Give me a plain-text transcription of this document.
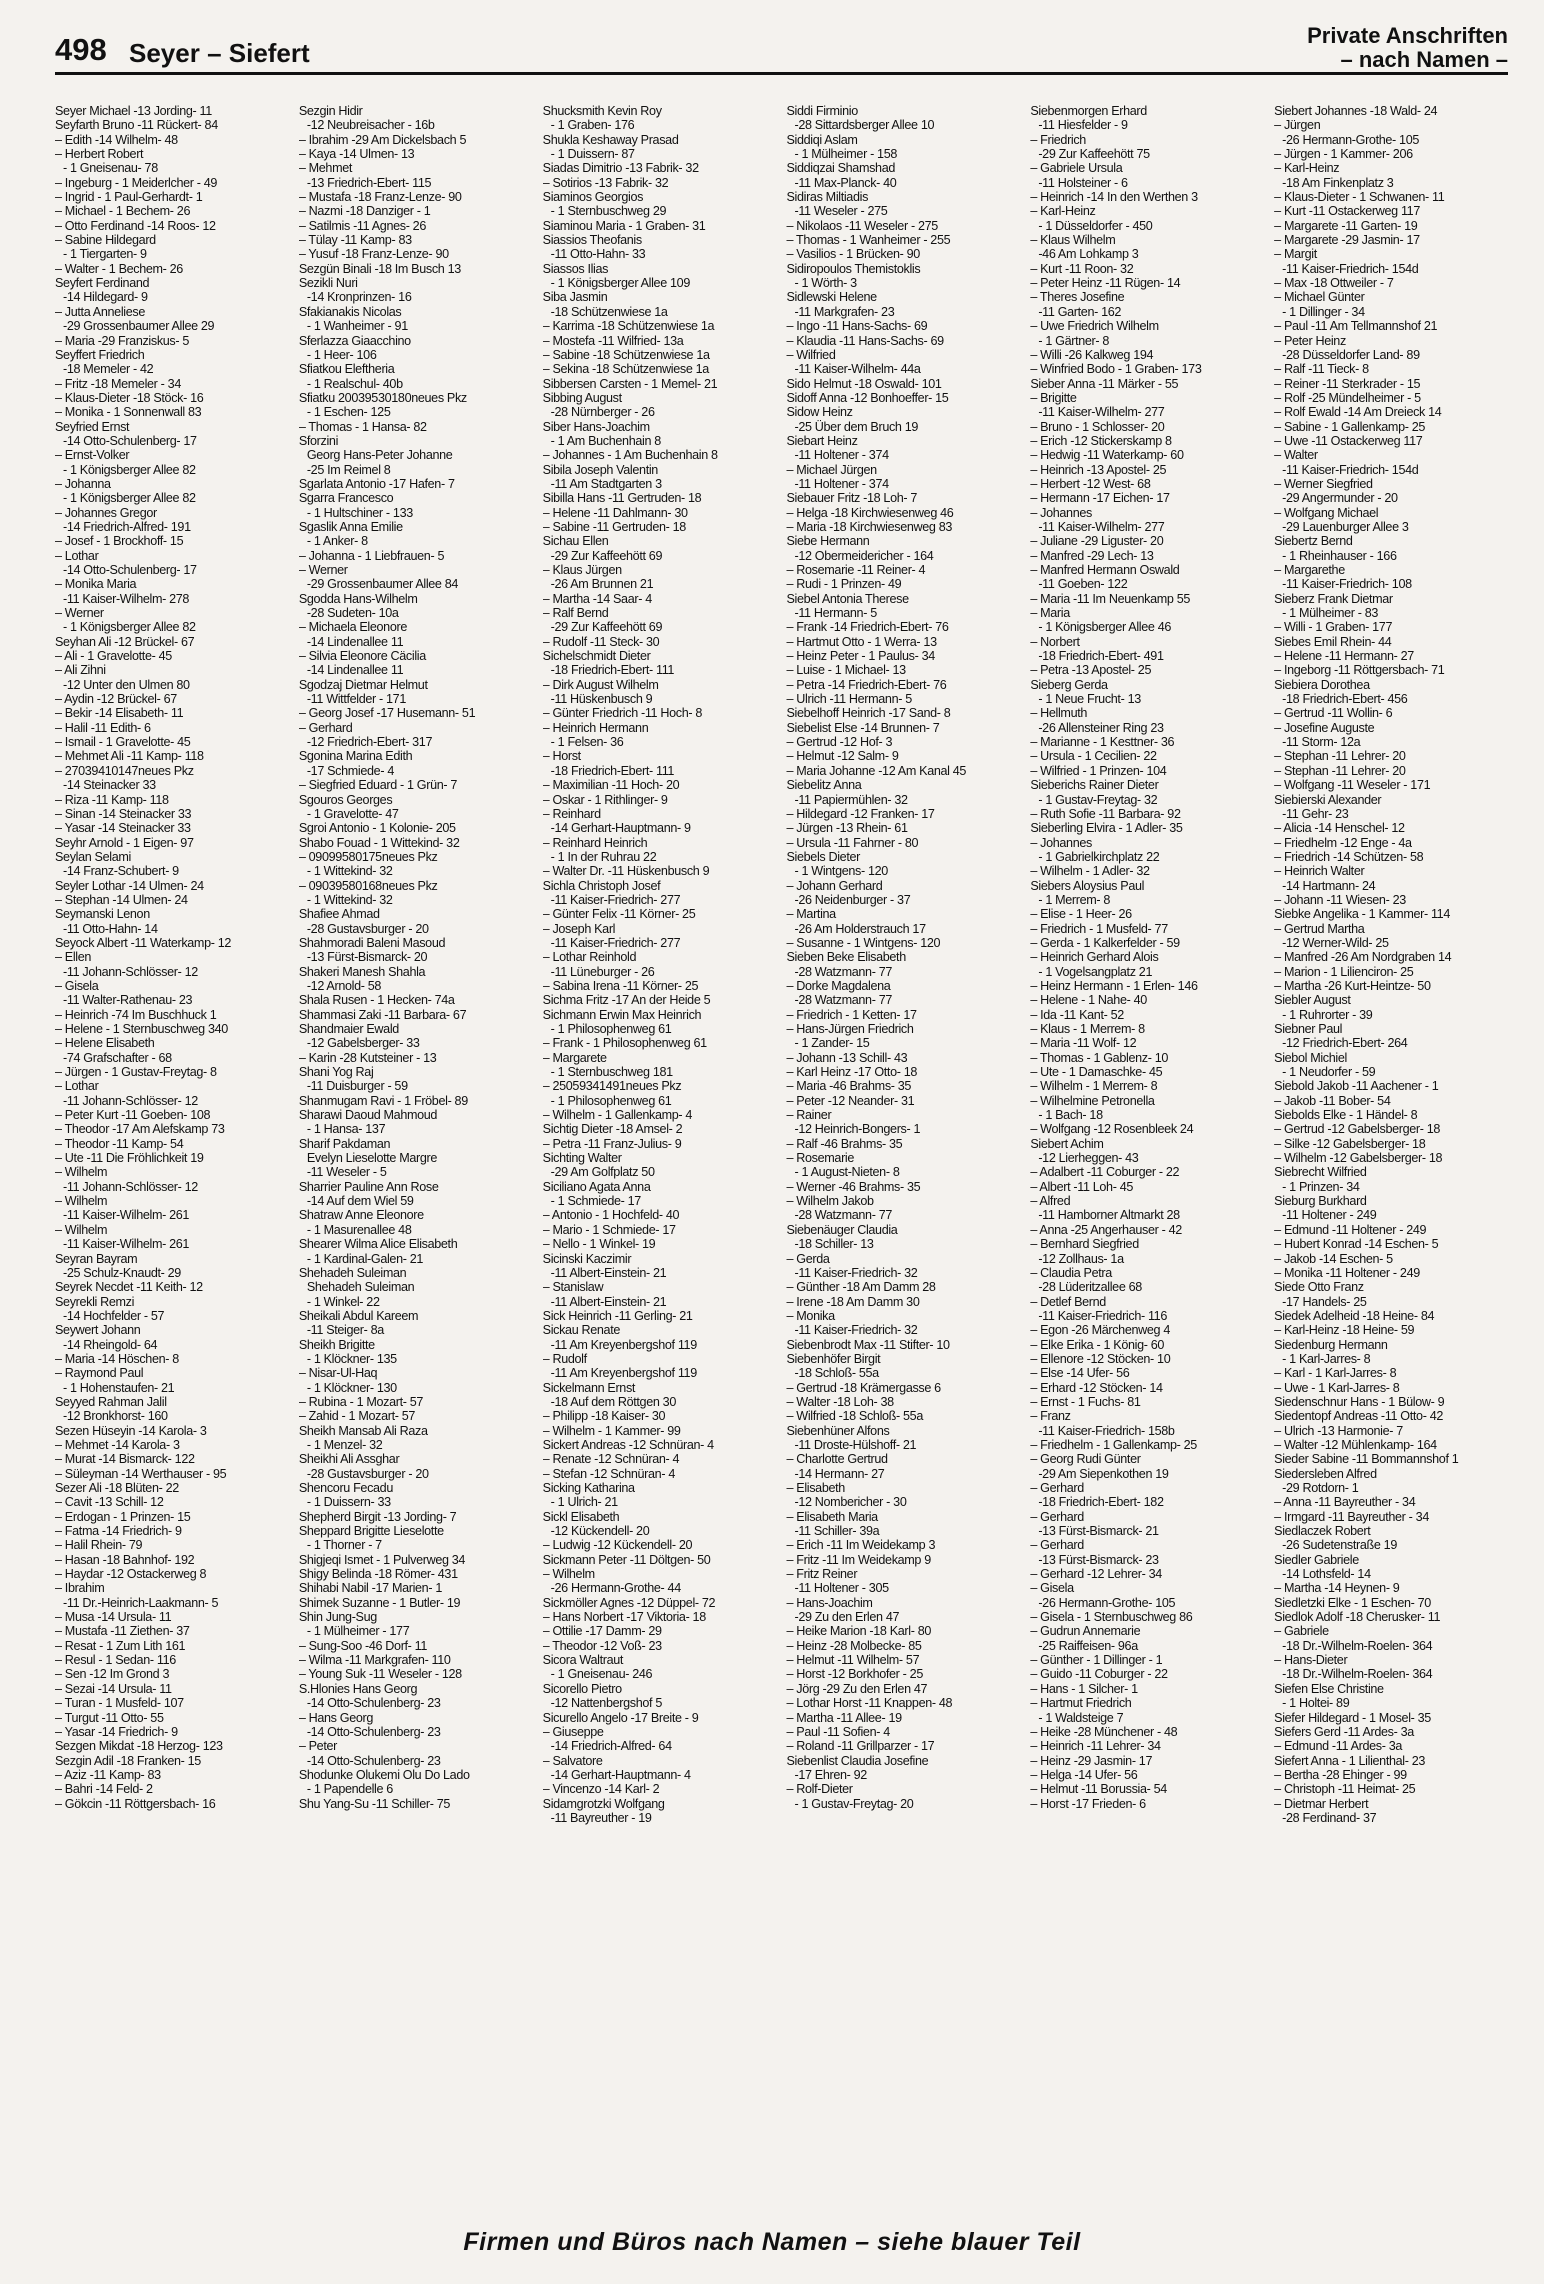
498 Seyer – Siefert
Private Anschriften
– nach Namen –
Seyer Michael -13 Jording- 11
Seyfarth Bruno -11 Rückert- 84
– Edith -14 Wilhelm- 48
– Herbert Robert
- 1 Gneisenau- 78
– Ingeburg - 1 Meiderlcher - 49
– Ingrid - 1 Paul-Gerhardt- 1
– Michael - 1 Bechem- 26
– Otto Ferdinand -14 Roos- 12
– Sabine Hildegard
- 1 Tiergarten- 9
– Walter - 1 Bechem- 26
Seyfert Ferdinand
-14 Hildegard- 9
– Jutta Anneliese
-29 Grossenbaumer Allee 29
– Maria -29 Franziskus- 5
Seyffert Friedrich
-18 Memeler - 42
– Fritz -18 Memeler - 34
– Klaus-Dieter -18 Stöck- 16
– Monika - 1 Sonnenwall 83
Seyfried Ernst
-14 Otto-Schulenberg- 17
– Ernst-Volker
- 1 Königsberger Allee 82
– Johanna
- 1 Königsberger Allee 82
– Johannes Gregor
-14 Friedrich-Alfred- 191
– Josef - 1 Brockhoff- 15
– Lothar
-14 Otto-Schulenberg- 17
– Monika Maria
-11 Kaiser-Wilhelm- 278
– Werner
- 1 Königsberger Allee 82
Seyhan Ali -12 Brückel- 67
– Ali - 1 Gravelotte- 45
– Ali Zihni
-12 Unter den Ulmen 80
– Aydin -12 Brückel- 67
– Bekir -14 Elisabeth- 11
– Halil -11 Edith- 6
– Ismail - 1 Gravelotte- 45
– Mehmet Ali -11 Kamp- 118
– 27039410147neues Pkz
-14 Steinacker 33
– Riza -11 Kamp- 118
– Sinan -14 Steinacker 33
– Yasar -14 Steinacker 33
Seyhr Arnold - 1 Eigen- 97
Seylan Selami
-14 Franz-Schubert- 9
Seyler Lothar -14 Ulmen- 24
– Stephan -14 Ulmen- 24
Seymanski Lenon
-11 Otto-Hahn- 14
Seyock Albert -11 Waterkamp- 12
– Ellen
-11 Johann-Schlösser- 12
– Gisela
-11 Walter-Rathenau- 23
– Heinrich -74 Im Buschhuck 1
– Helene - 1 Sternbuschweg 340
– Helene Elisabeth
-74 Grafschafter - 68
– Jürgen - 1 Gustav-Freytag- 8
– Lothar
-11 Johann-Schlösser- 12
– Peter Kurt -11 Goeben- 108
– Theodor -17 Am Alefskamp 73
– Theodor -11 Kamp- 54
– Ute -11 Die Fröhlichkeit 19
– Wilhelm
-11 Johann-Schlösser- 12
– Wilhelm
-11 Kaiser-Wilhelm- 261
– Wilhelm
-11 Kaiser-Wilhelm- 261
Seyran Bayram
-25 Schulz-Knaudt- 29
Seyrek Necdet -11 Keith- 12
Seyrekli Remzi
-14 Hochfelder - 57
Seywert Johann
-14 Rheingold- 64
– Maria -14 Höschen- 8
– Raymond Paul
- 1 Hohenstaufen- 21
Seyyed Rahman Jalil
-12 Bronkhorst- 160
Sezen Hüseyin -14 Karola- 3
– Mehmet -14 Karola- 3
– Murat -14 Bismarck- 122
– Süleyman -14 Werthauser - 95
Sezer Ali -18 Blüten- 22
– Cavit -13 Schill- 12
– Erdogan - 1 Prinzen- 15
– Fatma -14 Friedrich- 9
– Halil Rhein- 79
– Hasan -18 Bahnhof- 192
– Haydar -12 Ostackerweg 8
– Ibrahim
-11 Dr.-Heinrich-Laakmann- 5
– Musa -14 Ursula- 11
– Mustafa -11 Ziethen- 37
– Resat - 1 Zum Lith 161
– Resul - 1 Sedan- 116
– Sen -12 Im Grond 3
– Sezai -14 Ursula- 11
– Turan - 1 Musfeld- 107
– Turgut -11 Otto- 55
– Yasar -14 Friedrich- 9
Sezgen Mikdat -18 Herzog- 123
Sezgin Adil -18 Franken- 15
– Aziz -11 Kamp- 83
– Bahri -14 Feld- 2
– Gökcin -11 Röttgersbach- 16
Sezgin Hidir
-12 Neubreisacher - 16b
– Ibrahim -29 Am Dickelsbach 5
– Kaya -14 Ulmen- 13
– Mehmet
-13 Friedrich-Ebert- 115
– Mustafa -18 Franz-Lenze- 90
– Nazmi -18 Danziger - 1
– Satilmis -11 Agnes- 26
– Tülay -11 Kamp- 83
– Yusuf -18 Franz-Lenze- 90
Sezgün Binali -18 Im Busch 13
Sezikli Nuri
-14 Kronprinzen- 16
Sfakianakis Nicolas
- 1 Wanheimer - 91
Sferlazza Giaacchino
- 1 Heer- 106
Sfiatkou Eleftheria
- 1 Realschul- 40b
Sfiatku 20039530180neues Pkz
- 1 Eschen- 125
– Thomas - 1 Hansa- 82
Sforzini
Georg Hans-Peter Johanne
-25 Im Reimel 8
Sgarlata Antonio -17 Hafen- 7
Sgarra Francesco
- 1 Hultschiner - 133
Sgaslik Anna Emilie
- 1 Anker- 8
– Johanna - 1 Liebfrauen- 5
– Werner
-29 Grossenbaumer Allee 84
Sgodda Hans-Wilhelm
-28 Sudeten- 10a
– Michaela Eleonore
-14 Lindenallee 11
– Silvia Eleonore Cäcilia
-14 Lindenallee 11
Sgodzaj Dietmar Helmut
-11 Wittfelder - 171
– Georg Josef -17 Husemann- 51
– Gerhard
-12 Friedrich-Ebert- 317
Sgonina Marina Edith
-17 Schmiede- 4
– Siegfried Eduard - 1 Grün- 7
Sgouros Georges
- 1 Gravelotte- 47
Sgroi Antonio - 1 Kolonie- 205
Shabo Fouad - 1 Wittekind- 32
– 09099580175neues Pkz
- 1 Wittekind- 32
– 09039580168neues Pkz
- 1 Wittekind- 32
Shafiee Ahmad
-28 Gustavsburger - 20
Shahmoradi Baleni Masoud
-13 Fürst-Bismarck- 20
Shakeri Manesh Shahla
-12 Arnold- 58
Shala Rusen - 1 Hecken- 74a
Shammasi Zaki -11 Barbara- 67
Shandmaier Ewald
-12 Gabelsberger- 33
– Karin -28 Kutsteiner - 13
Shani Yog Raj
-11 Duisburger - 59
Shanmugam Ravi - 1 Fröbel- 89
Sharawi Daoud Mahmoud
- 1 Hansa- 137
Sharif Pakdaman
Evelyn Lieselotte Margre
-11 Weseler - 5
Sharrier Pauline Ann Rose
-14 Auf dem Wiel 59
Shatraw Anne Eleonore
- 1 Masurenallee 48
Shearer Wilma Alice Elisabeth
- 1 Kardinal-Galen- 21
Shehadeh Suleiman
Shehadeh Suleiman
- 1 Winkel- 22
Sheikali Abdul Kareem
-11 Steiger- 8a
Sheikh Brigitte
- 1 Klöckner- 135
– Nisar-Ul-Haq
- 1 Klöckner- 130
– Rubina - 1 Mozart- 57
– Zahid - 1 Mozart- 57
Sheikh Mansab Ali Raza
- 1 Menzel- 32
Sheikhi Ali Assghar
-28 Gustavsburger - 20
Shencoru Fecadu
- 1 Duissern- 33
Shepherd Birgit -13 Jording- 7
Sheppard Brigitte Lieselotte
- 1 Thorner - 7
Shigjeqi Ismet - 1 Pulverweg 34
Shigy Belinda -18 Römer- 431
Shihabi Nabil -17 Marien- 1
Shimek Suzanne - 1 Butler- 19
Shin Jung-Sug
- 1 Mülheimer - 177
– Sung-Soo -46 Dorf- 11
– Wilma -11 Markgrafen- 110
– Young Suk -11 Weseler - 128
S.Hlonies Hans Georg
-14 Otto-Schulenberg- 23
– Hans Georg
-14 Otto-Schulenberg- 23
– Peter
-14 Otto-Schulenberg- 23
Shodunke Olukemi Olu Do Lado
- 1 Papendelle 6
Shu Yang-Su -11 Schiller- 75
Shucksmith Kevin Roy
- 1 Graben- 176
Shukla Keshaway Prasad
- 1 Duissern- 87
Siadas Dimitrio -13 Fabrik- 32
– Sotirios -13 Fabrik- 32
Siaminos Georgios
- 1 Sternbuschweg 29
Siaminou Maria - 1 Graben- 31
Siassios Theofanis
-11 Otto-Hahn- 33
Siassos Ilias
- 1 Königsberger Allee 109
Siba Jasmin
-18 Schützenwiese 1a
– Karrima -18 Schützenwiese 1a
– Mostefa -11 Wilfried- 13a
– Sabine -18 Schützenwiese 1a
– Sekina -18 Schützenwiese 1a
Sibbersen Carsten - 1 Memel- 21
Sibbing August
-28 Nürnberger - 26
Siber Hans-Joachim
- 1 Am Buchenhain 8
– Johannes - 1 Am Buchenhain 8
Sibila Joseph Valentin
-11 Am Stadtgarten 3
Sibilla Hans -11 Gertruden- 18
– Helene -11 Dahlmann- 30
– Sabine -11 Gertruden- 18
Sichau Ellen
-29 Zur Kaffeehött 69
– Klaus Jürgen
-26 Am Brunnen 21
– Martha -14 Saar- 4
– Ralf Bernd
-29 Zur Kaffeehött 69
– Rudolf -11 Steck- 30
Sichelschmidt Dieter
-18 Friedrich-Ebert- 111
– Dirk August Wilhelm
-11 Hüskenbusch 9
– Günter Friedrich -11 Hoch- 8
– Heinrich Hermann
- 1 Felsen- 36
– Horst
-18 Friedrich-Ebert- 111
– Maximilian -11 Hoch- 20
– Oskar - 1 Rithlinger- 9
– Reinhard
-14 Gerhart-Hauptmann- 9
– Reinhard Heinrich
- 1 In der Ruhrau 22
– Walter Dr. -11 Hüskenbusch 9
Sichla Christoph Josef
-11 Kaiser-Friedrich- 277
– Günter Felix -11 Körner- 25
– Joseph Karl
-11 Kaiser-Friedrich- 277
– Lothar Reinhold
-11 Lüneburger - 26
– Sabina Irena -11 Körner- 25
Sichma Fritz -17 An der Heide 5
Sichmann Erwin Max Heinrich
- 1 Philosophenweg 61
– Frank - 1 Philosophenweg 61
– Margarete
- 1 Sternbuschweg 181
– 25059341491neues Pkz
- 1 Philosophenweg 61
– Wilhelm - 1 Gallenkamp- 4
Sichtig Dieter -18 Amsel- 2
– Petra -11 Franz-Julius- 9
Sichting Walter
-29 Am Golfplatz 50
Siciliano Agata Anna
- 1 Schmiede- 17
– Antonio - 1 Hochfeld- 40
– Mario - 1 Schmiede- 17
– Nello - 1 Winkel- 19
Sicinski Kaczimir
-11 Albert-Einstein- 21
– Stanislaw
-11 Albert-Einstein- 21
Sick Heinrich -11 Gerling- 21
Sickau Renate
-11 Am Kreyenbergshof 119
– Rudolf
-11 Am Kreyenbergshof 119
Sickelmann Ernst
-18 Auf dem Röttgen 30
– Philipp -18 Kaiser- 30
– Wilhelm - 1 Kammer- 99
Sickert Andreas -12 Schnüran- 4
– Renate -12 Schnüran- 4
– Stefan -12 Schnüran- 4
Sicking Katharina
- 1 Ulrich- 21
Sickl Elisabeth
-12 Kückendell- 20
– Ludwig -12 Kückendell- 20
Sickmann Peter -11 Döltgen- 50
– Wilhelm
-26 Hermann-Grothe- 44
Sickmöller Agnes -12 Düppel- 72
– Hans Norbert -17 Viktoria- 18
– Ottilie -17 Damm- 29
– Theodor -12 Voß- 23
Sicora Waltraut
- 1 Gneisenau- 246
Sicorello Pietro
-12 Nattenbergshof 5
Sicurello Angelo -17 Breite - 9
– Giuseppe
-14 Friedrich-Alfred- 64
– Salvatore
-14 Gerhart-Hauptmann- 4
– Vincenzo -14 Karl- 2
Sidamgrotzki Wolfgang
-11 Bayreuther - 19
Siddi Firminio
-28 Sittardsberger Allee 10
Siddiqi Aslam
- 1 Mülheimer - 158
Siddiqzai Shamshad
-11 Max-Planck- 40
Sidiras Miltiadis
-11 Weseler - 275
– Nikolaos -11 Weseler - 275
– Thomas - 1 Wanheimer - 255
– Vasilios - 1 Brücken- 90
Sidiropoulos Themistoklis
- 1 Wörth- 3
Sidlewski Helene
-11 Markgrafen- 23
– Ingo -11 Hans-Sachs- 69
– Klaudia -11 Hans-Sachs- 69
– Wilfried
-11 Kaiser-Wilhelm- 44a
Sido Helmut -18 Oswald- 101
Sidoff Anna -12 Bonhoeffer- 15
Sidow Heinz
-25 Über dem Bruch 19
Siebart Heinz
-11 Holtener - 374
– Michael Jürgen
-11 Holtener - 374
Siebauer Fritz -18 Loh- 7
– Helga -18 Kirchwiesenweg 46
– Maria -18 Kirchwiesenweg 83
Siebe Hermann
-12 Obermeidericher - 164
– Rosemarie -11 Reiner- 4
– Rudi - 1 Prinzen- 49
Siebel Antonia Therese
-11 Hermann- 5
– Frank -14 Friedrich-Ebert- 76
– Hartmut Otto - 1 Werra- 13
– Heinz Peter - 1 Paulus- 34
– Luise - 1 Michael- 13
– Petra -14 Friedrich-Ebert- 76
– Ulrich -11 Hermann- 5
Siebelhoff Heinrich -17 Sand- 8
Siebelist Else -14 Brunnen- 7
– Gertrud -12 Hof- 3
– Helmut -12 Salm- 9
– Maria Johanne -12 Am Kanal 45
Siebelitz Anna
-11 Papiermühlen- 32
– Hildegard -12 Franken- 17
– Jürgen -13 Rhein- 61
– Ursula -11 Fahrner - 80
Siebels Dieter
- 1 Wintgens- 120
– Johann Gerhard
-26 Neidenburger - 37
– Martina
-26 Am Holderstrauch 17
– Susanne - 1 Wintgens- 120
Sieben Beke Elisabeth
-28 Watzmann- 77
– Dorke Magdalena
-28 Watzmann- 77
– Friedrich - 1 Ketten- 17
– Hans-Jürgen Friedrich
- 1 Zander- 15
– Johann -13 Schill- 43
– Karl Heinz -17 Otto- 18
– Maria -46 Brahms- 35
– Peter -12 Neander- 31
– Rainer
-12 Heinrich-Bongers- 1
– Ralf -46 Brahms- 35
– Rosemarie
- 1 August-Nieten- 8
– Werner -46 Brahms- 35
– Wilhelm Jakob
-28 Watzmann- 77
Siebenäuger Claudia
-18 Schiller- 13
– Gerda
-11 Kaiser-Friedrich- 32
– Günther -18 Am Damm 28
– Irene -18 Am Damm 30
– Monika
-11 Kaiser-Friedrich- 32
Siebenbrodt Max -11 Stifter- 10
Siebenhöfer Birgit
-18 Schloß- 55a
– Gertrud -18 Krämergasse 6
– Walter -18 Loh- 38
– Wilfried -18 Schloß- 55a
Siebenhüner Alfons
-11 Droste-Hülshoff- 21
– Charlotte Gertrud
-14 Hermann- 27
– Elisabeth
-12 Nombericher - 30
– Elisabeth Maria
-11 Schiller- 39a
– Erich -11 Im Weidekamp 3
– Fritz -11 Im Weidekamp 9
– Fritz Reiner
-11 Holtener - 305
– Hans-Joachim
-29 Zu den Erlen 47
– Heike Marion -18 Karl- 80
– Heinz -28 Molbecke- 85
– Helmut -11 Wilhelm- 57
– Horst -12 Borkhofer - 25
– Jörg -29 Zu den Erlen 47
– Lothar Horst -11 Knappen- 48
– Martha -11 Allee- 19
– Paul -11 Sofien- 4
– Roland -11 Grillparzer - 17
Siebenlist Claudia Josefine
-17 Ehren- 92
– Rolf-Dieter
- 1 Gustav-Freytag- 20
Siebenmorgen Erhard
-11 Hiesfelder - 9
– Friedrich
-29 Zur Kaffeehött 75
– Gabriele Ursula
-11 Holsteiner - 6
– Heinrich -14 In den Werthen 3
– Karl-Heinz
- 1 Düsseldorfer - 450
– Klaus Wilhelm
-46 Am Lohkamp 3
– Kurt -11 Roon- 32
– Peter Heinz -11 Rügen- 14
– Theres Josefine
-11 Garten- 162
– Uwe Friedrich Wilhelm
- 1 Gärtner- 8
– Willi -26 Kalkweg 194
– Winfried Bodo - 1 Graben- 173
Sieber Anna -11 Märker - 55
– Brigitte
-11 Kaiser-Wilhelm- 277
– Bruno - 1 Schlosser- 20
– Erich -12 Stickerskamp 8
– Hedwig -11 Waterkamp- 60
– Heinrich -13 Apostel- 25
– Herbert -12 West- 68
– Hermann -17 Eichen- 17
– Johannes
-11 Kaiser-Wilhelm- 277
– Juliane -29 Liguster- 20
– Manfred -29 Lech- 13
– Manfred Hermann Oswald
-11 Goeben- 122
– Maria -11 Im Neuenkamp 55
– Maria
- 1 Königsberger Allee 46
– Norbert
-18 Friedrich-Ebert- 491
– Petra -13 Apostel- 25
Sieberg Gerda
- 1 Neue Frucht- 13
– Hellmuth
-26 Allensteiner Ring 23
– Marianne - 1 Kesttner- 36
– Ursula - 1 Cecilien- 22
– Wilfried - 1 Prinzen- 104
Sieberichs Rainer Dieter
- 1 Gustav-Freytag- 32
– Ruth Sofie -11 Barbara- 92
Sieberling Elvira - 1 Adler- 35
– Johannes
- 1 Gabrielkirchplatz 22
– Wilhelm - 1 Adler- 32
Siebers Aloysius Paul
- 1 Merrem- 8
– Elise - 1 Heer- 26
– Friedrich - 1 Musfeld- 77
– Gerda - 1 Kalkerfelder - 59
– Heinrich Gerhard Alois
- 1 Vogelsangplatz 21
– Heinz Hermann - 1 Erlen- 146
– Helene - 1 Nahe- 40
– Ida -11 Kant- 52
– Klaus - 1 Merrem- 8
– Maria -11 Wolf- 12
– Thomas - 1 Gablenz- 10
– Ute - 1 Damaschke- 45
– Wilhelm - 1 Merrem- 8
– Wilhelmine Petronella
- 1 Bach- 18
– Wolfgang -12 Rosenbleek 24
Siebert Achim
-12 Lierheggen- 43
– Adalbert -11 Coburger - 22
– Albert -11 Loh- 45
– Alfred
-11 Hamborner Altmarkt 28
– Anna -25 Angerhauser - 42
– Bernhard Siegfried
-12 Zollhaus- 1a
– Claudia Petra
-28 Lüderitzallee 68
– Detlef Bernd
-11 Kaiser-Friedrich- 116
– Egon -26 Märchenweg 4
– Elke Erika - 1 König- 60
– Ellenore -12 Stöcken- 10
– Else -14 Ufer- 56
– Erhard -12 Stöcken- 14
– Ernst - 1 Fuchs- 81
– Franz
-11 Kaiser-Friedrich- 158b
– Friedhelm - 1 Gallenkamp- 25
– Georg Rudi Günter
-29 Am Siepenkothen 19
– Gerhard
-18 Friedrich-Ebert- 182
– Gerhard
-13 Fürst-Bismarck- 21
– Gerhard
-13 Fürst-Bismarck- 23
– Gerhard -12 Lehrer- 34
– Gisela
-26 Hermann-Grothe- 105
– Gisela - 1 Sternbuschweg 86
– Gudrun Annemarie
-25 Raiffeisen- 96a
– Günther - 1 Dillinger - 1
– Guido -11 Coburger - 22
– Hans - 1 Silcher- 1
– Hartmut Friedrich
- 1 Waldsteige 7
– Heike -28 Münchener - 48
– Heinrich -11 Lehrer- 34
– Heinz -29 Jasmin- 17
– Helga -14 Ufer- 56
– Helmut -11 Borussia- 54
– Horst -17 Frieden- 6
Siebert Johannes -18 Wald- 24
– Jürgen
-26 Hermann-Grothe- 105
– Jürgen - 1 Kammer- 206
– Karl-Heinz
-18 Am Finkenplatz 3
– Klaus-Dieter - 1 Schwanen- 11
– Kurt -11 Ostackerweg 117
– Margarete -11 Garten- 19
– Margarete -29 Jasmin- 17
– Margit
-11 Kaiser-Friedrich- 154d
– Max -18 Ottweiler - 7
– Michael Günter
- 1 Dillinger - 34
– Paul -11 Am Tellmannshof 21
– Peter Heinz
-28 Düsseldorfer Land- 89
– Ralf -11 Tieck- 8
– Reiner -11 Sterkrader - 15
– Rolf -25 Mündelheimer - 5
– Rolf Ewald -14 Am Dreieck 14
– Sabine - 1 Gallenkamp- 25
– Uwe -11 Ostackerweg 117
– Walter
-11 Kaiser-Friedrich- 154d
– Werner Siegfried
-29 Angermunder - 20
– Wolfgang Michael
-29 Lauenburger Allee 3
Siebertz Bernd
- 1 Rheinhauser - 166
– Margarethe
-11 Kaiser-Friedrich- 108
Sieberz Frank Dietmar
- 1 Mülheimer - 83
– Willi - 1 Graben- 177
Siebes Emil Rhein- 44
– Helene -11 Hermann- 27
– Ingeborg -11 Röttgersbach- 71
Siebiera Dorothea
-18 Friedrich-Ebert- 456
– Gertrud -11 Wollin- 6
– Josefine Auguste
-11 Storm- 12a
– Stephan -11 Lehrer- 20
– Stephan -11 Lehrer- 20
– Wolfgang -11 Weseler - 171
Siebierski Alexander
-11 Gehr- 23
– Alicia -14 Henschel- 12
– Friedhelm -12 Enge - 4a
– Friedrich -14 Schützen- 58
– Heinrich Walter
-14 Hartmann- 24
– Johann -11 Wiesen- 23
Siebke Angelika - 1 Kammer- 114
– Gertrud Martha
-12 Werner-Wild- 25
– Manfred -26 Am Nordgraben 14
– Marion - 1 Lilienciron- 25
– Martha -26 Kurt-Heintze- 50
Siebler August
- 1 Ruhrorter - 39
Siebner Paul
-12 Friedrich-Ebert- 264
Siebol Michiel
- 1 Neudorfer - 59
Siebold Jakob -11 Aachener - 1
– Jakob -11 Bober- 54
Siebolds Elke - 1 Händel- 8
– Gertrud -12 Gabelsberger- 18
– Silke -12 Gabelsberger- 18
– Wilhelm -12 Gabelsberger- 18
Siebrecht Wilfried
- 1 Prinzen- 34
Sieburg Burkhard
-11 Holtener - 249
– Edmund -11 Holtener - 249
– Hubert Konrad -14 Eschen- 5
– Jakob -14 Eschen- 5
– Monika -11 Holtener - 249
Siede Otto Franz
-17 Handels- 25
Siedek Adelheid -18 Heine- 84
– Karl-Heinz -18 Heine- 59
Siedenburg Hermann
- 1 Karl-Jarres- 8
– Karl - 1 Karl-Jarres- 8
– Uwe - 1 Karl-Jarres- 8
Siedenschnur Hans - 1 Bülow- 9
Siedentopf Andreas -11 Otto- 42
– Ulrich -13 Harmonie- 7
– Walter -12 Mühlenkamp- 164
Sieder Sabine -11 Bommannshof 1
Siedersleben Alfred
-29 Rotdorn- 1
– Anna -11 Bayreuther - 34
– Irmgard -11 Bayreuther - 34
Siedlaczek Robert
-26 Sudetenstraße 19
Siedler Gabriele
-14 Lothsfeld- 14
– Martha -14 Heynen- 9
Siedletzki Elke - 1 Eschen- 70
Siedlok Adolf -18 Cherusker- 11
– Gabriele
-18 Dr.-Wilhelm-Roelen- 364
– Hans-Dieter
-18 Dr.-Wilhelm-Roelen- 364
Siefen Else Christine
- 1 Holtei- 89
Siefer Hildegard - 1 Mosel- 35
Siefers Gerd -11 Ardes- 3a
– Edmund -11 Ardes- 3a
Siefert Anna - 1 Lilienthal- 23
– Bertha -28 Ehinger - 99
– Christoph -11 Heimat- 25
– Dietmar Herbert
-28 Ferdinand- 37
Firmen und Büros nach Namen – siehe blauer Teil
